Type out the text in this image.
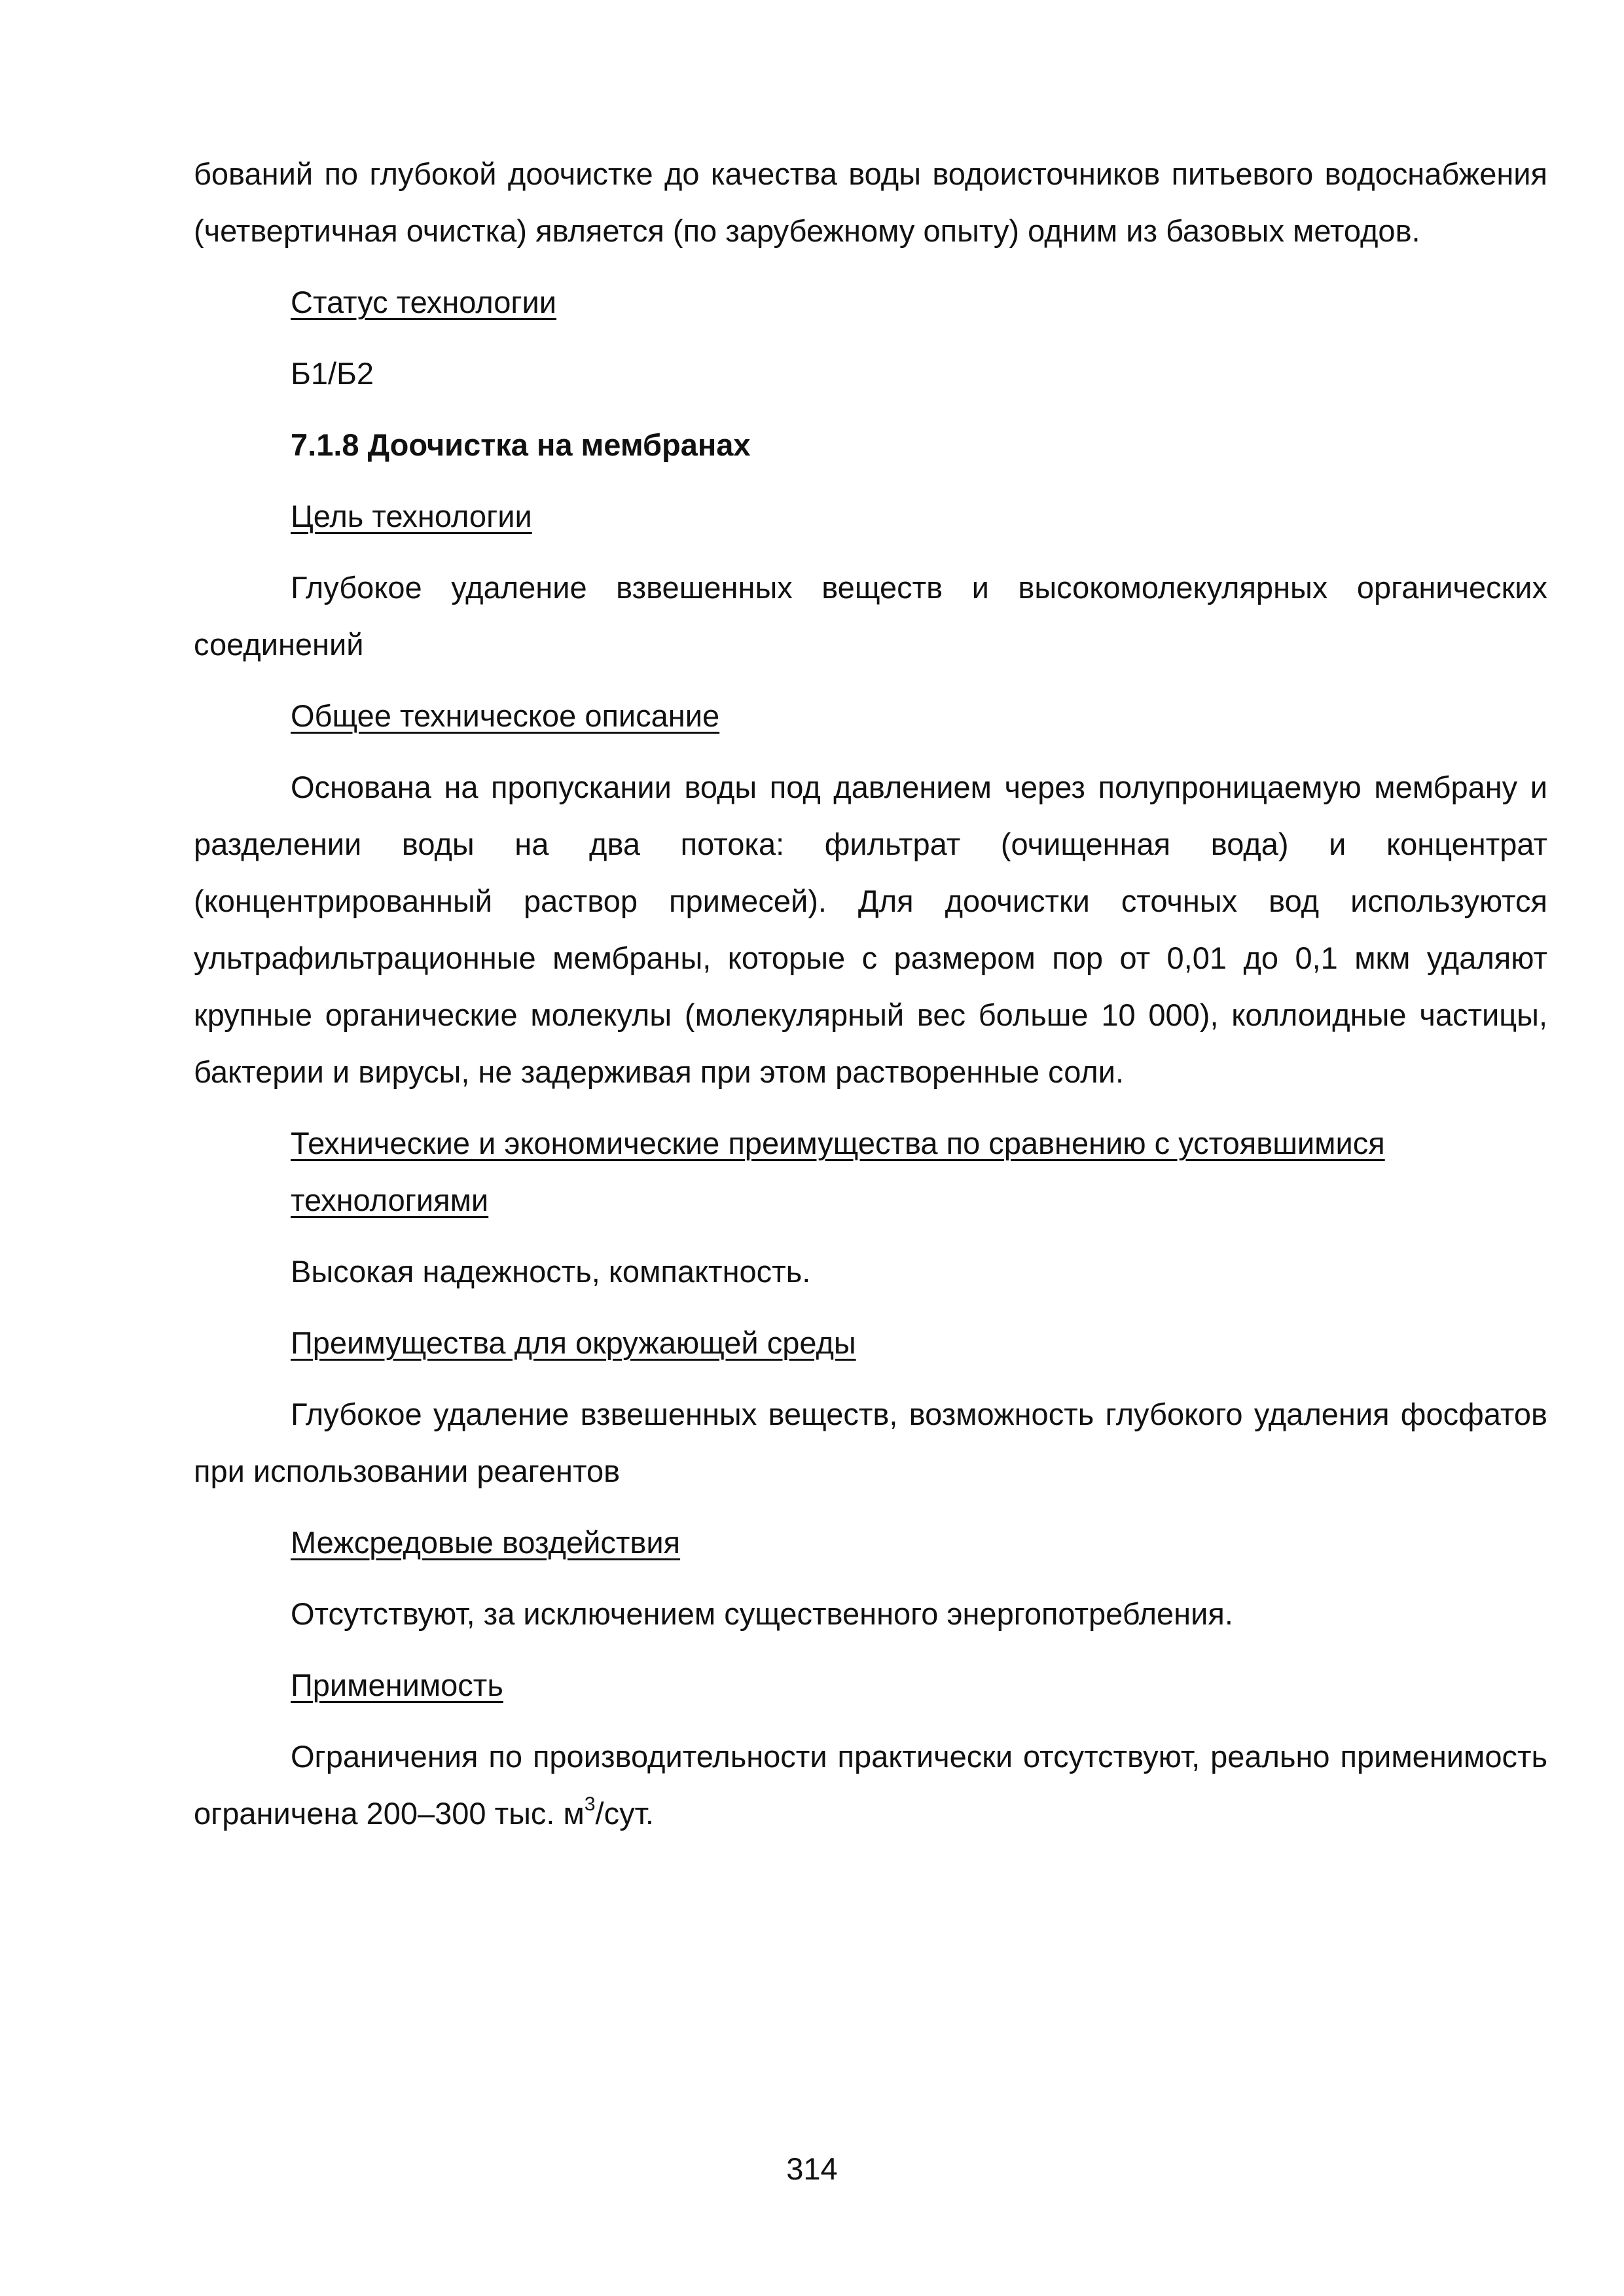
бований по глубокой доочистке до качества воды водоисточников питьевого водоснабжения (четвертичная очистка) является (по зарубежному опыту) одним из базовых методов.

Статус технологии

Б1/Б2

7.1.8 Доочистка на мембранах

Цель технологии

Глубокое удаление взвешенных веществ и высокомолекулярных органических соединений

Общее техническое описание

Основана на пропускании воды под давлением через полупроницаемую мембрану и разделении воды на два потока: фильтрат (очищенная вода) и концентрат (концентрированный раствор примесей). Для доочистки сточных вод используются ультрафильтрационные мембраны, которые с размером пор от 0,01 до 0,1 мкм удаляют крупные органические молекулы (молекулярный вес больше 10 000), коллоидные частицы, бактерии и вирусы, не задерживая при этом растворенные соли.

Технические и экономические преимущества по сравнению с устоявшимися технологиями

Высокая надежность, компактность.

Преимущества для окружающей среды

Глубокое удаление взвешенных веществ, возможность глубокого удаления фосфатов при использовании реагентов

Межсредовые воздействия

Отсутствуют, за исключением существенного энергопотребления.

Применимость

Ограничения по производительности практически отсутствуют, реально применимость ограничена 200–300 тыс. $м^3$/сут.

314
